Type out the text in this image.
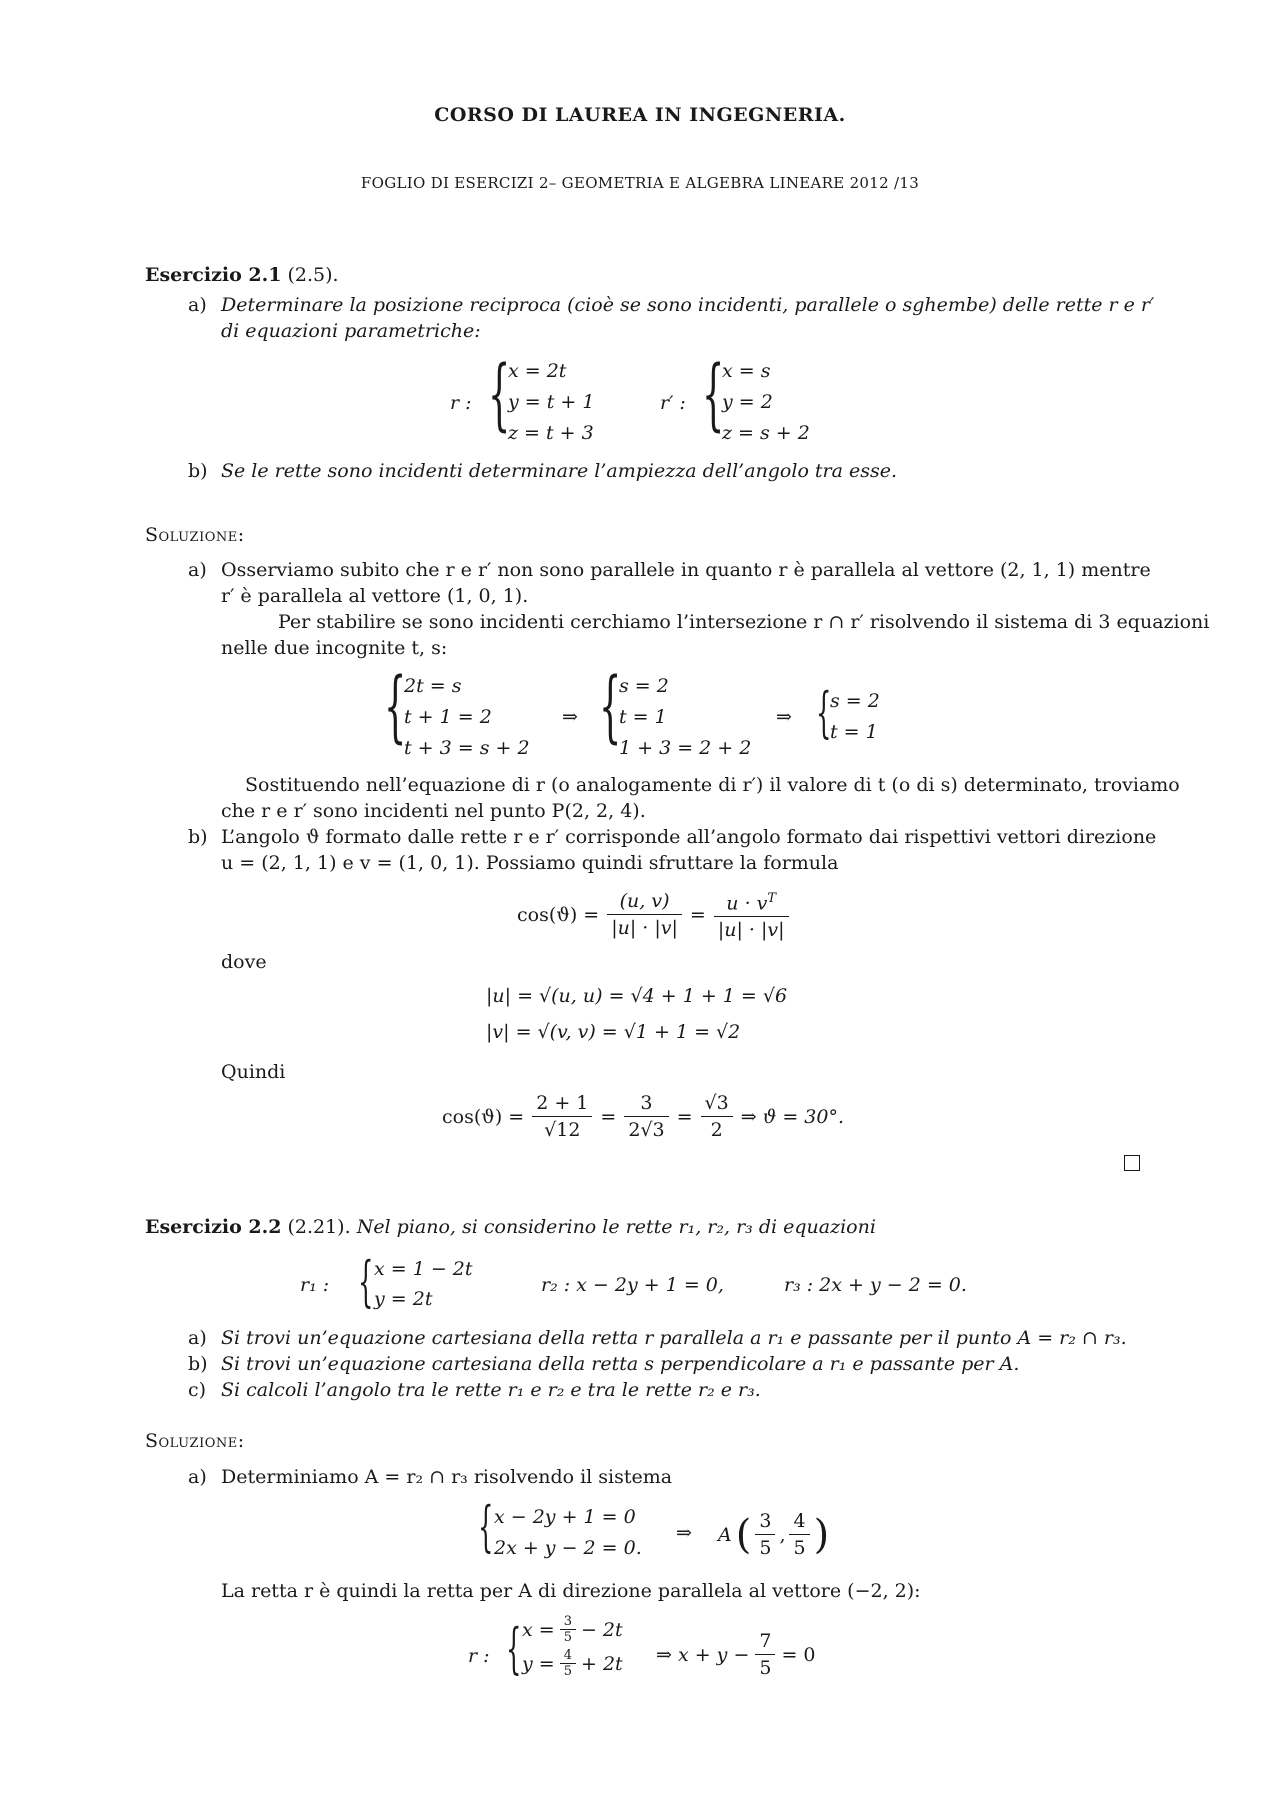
CORSO DI LAUREA IN INGEGNERIA.
FOGLIO DI ESERCIZI 2– GEOMETRIA E ALGEBRA LINEARE 2012 /13
Esercizio 2.1 (2.5).
a) Determinare la posizione reciproca (cioè se sono incidenti, parallele o sghembe) delle rette r e r′
di equazioni parametriche:
r : {
x = 2t
y = t + 1
z = t + 3
r′ : {
x = s
y = 2
z = s + 2
b) Se le rette sono incidenti determinare l’ampiezza dell’angolo tra esse.
Soluzione:
a) Osserviamo subito che r e r′ non sono parallele in quanto r è parallela al vettore (2, 1, 1) mentre
r′ è parallela al vettore (1, 0, 1).
Per stabilire se sono incidenti cerchiamo l’intersezione r ∩ r′ risolvendo il sistema di 3 equazioni
nelle due incognite t, s:
{
2t = s
t + 1 = 2
t + 3 = s + 2
⇒ {
s = 2
t = 1
1 + 3 = 2 + 2
⇒ {
s = 2
t = 1
Sostituendo nell’equazione di r (o analogamente di r′) il valore di t (o di s) determinato, troviamo
che r e r′ sono incidenti nel punto P(2, 2, 4).
b) L’angolo ϑ formato dalle rette r e r′ corrisponde all’angolo formato dai rispettivi vettori direzione
u = (2, 1, 1) e v = (1, 0, 1). Possiamo quindi sfruttare la formula
$\cos(ϑ) = \frac{(u, v)}{|u| \cdot |v|} = \frac{u \cdot v^T}{|u| \cdot |v|}$
dove
|u| = √(u, u) = √4 + 1 + 1 = √6
|v| = √(v, v) = √1 + 1 = √2
Quindi
$\cos(ϑ) = \frac{2 + 1}{√12} = \frac{3}{2√3} = \frac{√3}{2}$ ⇒ ϑ = 30°.
Esercizio 2.2 (2.21). Nel piano, si considerino le rette r₁, r₂, r₃ di equazioni
r₁ : { x = 1 − 2t
y = 2t
r₂ : x − 2y + 1 = 0,	r₃ : 2x + y − 2 = 0.
a) Si trovi un’equazione cartesiana della retta r parallela a r₁ e passante per il punto A = r₂ ∩ r₃.
b) Si trovi un’equazione cartesiana della retta s perpendicolare a r₁ e passante per A.
c) Si calcoli l’angolo tra le rette r₁ e r₂ e tra le rette r₂ e r₃.
Soluzione:
a) Determiniamo A = r₂ ∩ r₃ risolvendo il sistema
{ x − 2y + 1 = 0
2x + y − 2 = 0.
⇒ A ( $\frac{3}{5}$ , $\frac{4}{5}$ )
La retta r è quindi la retta per A di direzione parallela al vettore (−2, 2):
r : { $x = \frac{3}{5} - 2t$
$y = \frac{4}{5} + 2t$ ⇒ $x + y - \frac{7}{5} = 0$
